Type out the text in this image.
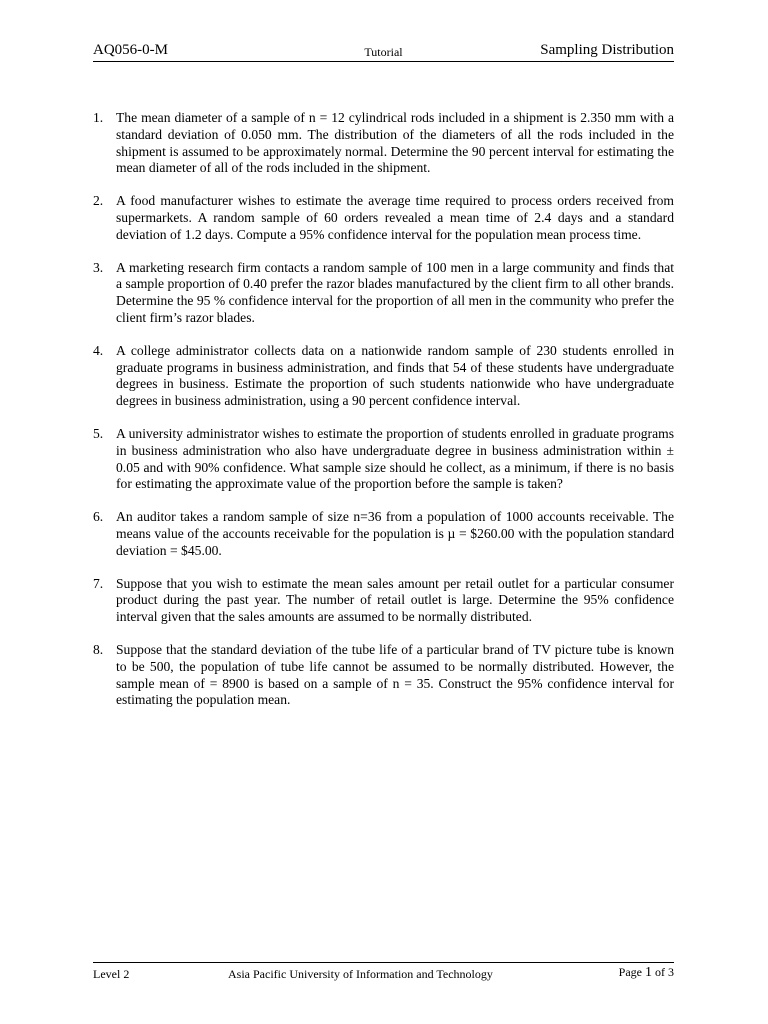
AQ056-0-M	Tutorial	Sampling Distribution
1. The mean diameter of a sample of n = 12 cylindrical rods included in a shipment is 2.350 mm with a standard deviation of 0.050 mm. The distribution of the diameters of all the rods included in the shipment is assumed to be approximately normal. Determine the 90 percent interval for estimating the mean diameter of all of the rods included in the shipment.
2. A food manufacturer wishes to estimate the average time required to process orders received from supermarkets. A random sample of 60 orders revealed a mean time of 2.4 days and a standard deviation of 1.2 days. Compute a 95% confidence interval for the population mean process time.
3. A marketing research firm contacts a random sample of 100 men in a large community and finds that a sample proportion of 0.40 prefer the razor blades manufactured by the client firm to all other brands. Determine the 95 % confidence interval for the proportion of all men in the community who prefer the client firm’s razor blades.
4. A college administrator collects data on a nationwide random sample of 230 students enrolled in graduate programs in business administration, and finds that 54 of these students have undergraduate degrees in business. Estimate the proportion of such students nationwide who have undergraduate degrees in business administration, using a 90 percent confidence interval.
5. A university administrator wishes to estimate the proportion of students enrolled in graduate programs in business administration who also have undergraduate degree in business administration within ± 0.05 and with 90% confidence. What sample size should he collect, as a minimum, if there is no basis for estimating the approximate value of the proportion before the sample is taken?
6. An auditor takes a random sample of size n=36 from a population of 1000 accounts receivable. The means value of the accounts receivable for the population is µ = $260.00 with the population standard deviation = $45.00.
7. Suppose that you wish to estimate the mean sales amount per retail outlet for a particular consumer product during the past year. The number of retail outlet is large. Determine the 95% confidence interval given that the sales amounts are assumed to be normally distributed.
8. Suppose that the standard deviation of the tube life of a particular brand of TV picture tube is known to be 500, the population of tube life cannot be assumed to be normally distributed. However, the sample mean of = 8900 is based on a sample of n = 35. Construct the 95% confidence interval for estimating the population mean.
Level 2	Asia Pacific University of Information and Technology	Page 1 of 3
